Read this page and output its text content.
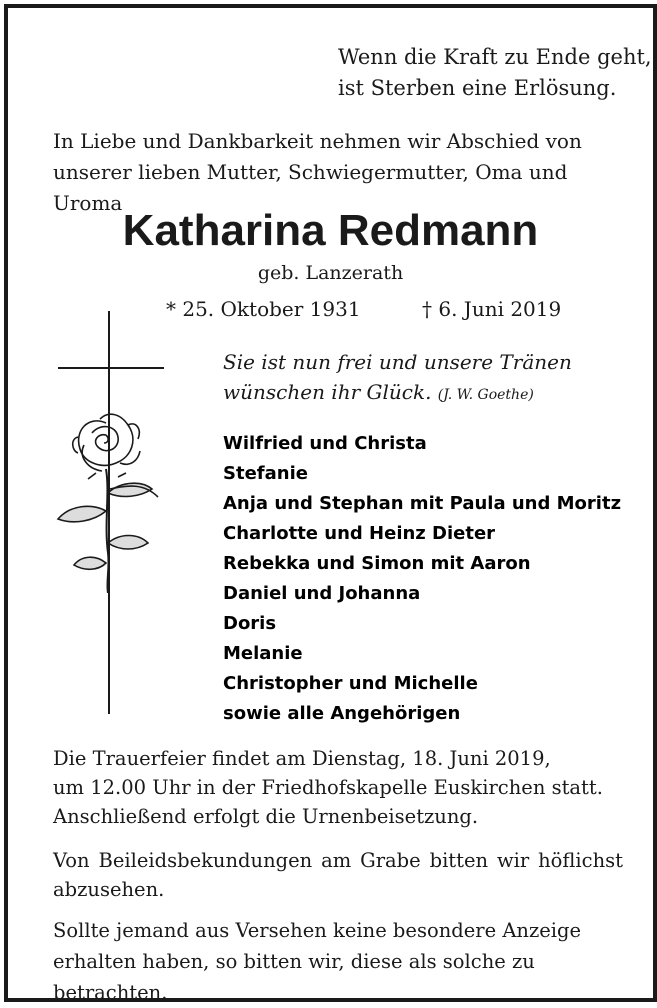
Wenn die Kraft zu Ende geht,
ist Sterben eine Erlösung.
In Liebe und Dankbarkeit nehmen wir Abschied von
unserer lieben Mutter, Schwiegermutter, Oma und Uroma
Katharina Redmann
geb. Lanzerath
* 25. Oktober 1931	† 6. Juni 2019
Sie ist nun frei und unsere Tränen
wünschen ihr Glück. (J. W. Goethe)
Wilfried und Christa
Stefanie
Anja und Stephan mit Paula und Moritz
Charlotte und Heinz Dieter
Rebekka und Simon mit Aaron
Daniel und Johanna
Doris
Melanie
Christopher und Michelle
sowie alle Angehörigen
Die Trauerfeier findet am Dienstag, 18. Juni 2019,
um 12.00 Uhr in der Friedhofskapelle Euskirchen statt.
Anschließend erfolgt die Urnenbeisetzung.
Von Beileidsbekundungen am Grabe bitten wir höflichst abzusehen.
Sollte jemand aus Versehen keine besondere Anzeige
erhalten haben, so bitten wir, diese als solche zu betrachten.
